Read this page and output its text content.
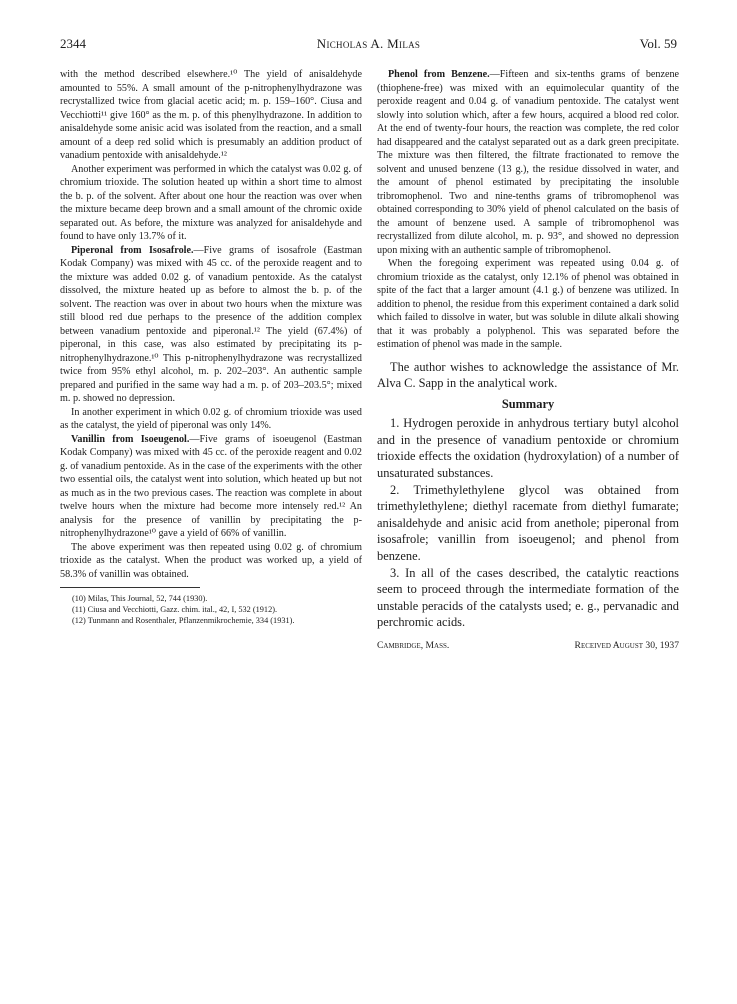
2344	Nicholas A. Milas	Vol. 59

with the method described elsewhere.¹⁰ The yield of anisaldehyde amounted to 55%. A small amount of the p-nitrophenylhydrazone was recrystallized twice from glacial acetic acid; m. p. 159–160°. Ciusa and Vecchiotti¹¹ give 160° as the m. p. of this phenylhydrazone. In addition to anisaldehyde some anisic acid was isolated from the reaction, and a small amount of a deep red solid which is presumably an addition product of vanadium pentoxide with anisaldehyde.¹²

Another experiment was performed in which the catalyst was 0.02 g. of chromium trioxide. The solution heated up within a short time to almost the b. p. of the solvent. After about one hour the reaction was over when the mixture became deep brown and a small amount of the chromic oxide separated out. As before, the mixture was analyzed for anisaldehyde and found to have only 13.7% of it.

Piperonal from Isosafrole.—Five grams of isosafrole (Eastman Kodak Company) was mixed with 45 cc. of the peroxide reagent and to the mixture was added 0.02 g. of vanadium pentoxide. As the catalyst dissolved, the mixture heated up as before to almost the b. p. of the solvent. The reaction was over in about two hours when the mixture was still blood red due perhaps to the presence of the addition complex between vanadium pentoxide and piperonal.¹² The yield (67.4%) of piperonal, in this case, was also estimated by precipitating its p-nitrophenylhydrazone.¹⁰ This p-nitrophenylhydrazone was recrystallized twice from 95% ethyl alcohol, m. p. 202–203°. An authentic sample prepared and purified in the same way had a m. p. of 203–203.5°; mixed m. p. showed no depression.

In another experiment in which 0.02 g. of chromium trioxide was used as the catalyst, the yield of piperonal was only 14%.

Vanillin from Isoeugenol.—Five grams of isoeugenol (Eastman Kodak Company) was mixed with 45 cc. of the peroxide reagent and 0.02 g. of vanadium pentoxide. As in the case of the experiments with the other two essential oils, the catalyst went into solution, which heated up but not as much as in the two previous cases. The reaction was complete in about twelve hours when the mixture had become more intensely red.¹² An analysis for the presence of vanillin by precipitating the p-nitrophenylhydrazone¹⁰ gave a yield of 66% of vanillin.

The above experiment was then repeated using 0.02 g. of chromium trioxide as the catalyst. When the product was worked up, a yield of 58.3% of vanillin was obtained.

(10) Milas, This Journal, 52, 744 (1930).

(11) Ciusa and Vecchiotti, Gazz. chim. ital., 42, I, 532 (1912).

(12) Tunmann and Rosenthaler, Pflanzenmikrochemie, 334 (1931).

Phenol from Benzene.—Fifteen and six-tenths grams of benzene (thiophene-free) was mixed with an equimolecular quantity of the peroxide reagent and 0.04 g. of vanadium pentoxide. The catalyst went slowly into solution which, after a few hours, acquired a blood red color. At the end of twenty-four hours, the reaction was complete, the red color had disappeared and the catalyst separated out as a dark green precipitate. The mixture was then filtered, the filtrate fractionated to remove the solvent and unused benzene (13 g.), the residue dissolved in water, and the amount of phenol estimated by precipitating the insoluble tribromophenol. Two and nine-tenths grams of tribromophenol was obtained corresponding to 30% yield of phenol calculated on the basis of the amount of benzene used. A sample of tribromophenol was recrystallized from dilute alcohol, m. p. 93°, and showed no depression upon mixing with an authentic sample of tribromophenol.

When the foregoing experiment was repeated using 0.04 g. of chromium trioxide as the catalyst, only 12.1% of phenol was obtained in spite of the fact that a larger amount (4.1 g.) of benzene was utilized. In addition to phenol, the residue from this experiment contained a dark solid which failed to dissolve in water, but was soluble in dilute alkali showing that it was probably a polyphenol. This was separated before the estimation of phenol was made in the sample.

The author wishes to acknowledge the assistance of Mr. Alva C. Sapp in the analytical work.

Summary

1. Hydrogen peroxide in anhydrous tertiary butyl alcohol and in the presence of vanadium pentoxide or chromium trioxide effects the oxidation (hydroxylation) of a number of unsaturated substances.

2. Trimethylethylene glycol was obtained from trimethylethylene; diethyl racemate from diethyl fumarate; anisaldehyde and anisic acid from anethole; piperonal from isosafrole; vanillin from isoeugenol; and phenol from benzene.

3. In all of the cases described, the catalytic reactions seem to proceed through the intermediate formation of the unstable peracids of the catalysts used; e. g., pervanadic and perchromic acids.

Cambridge, Mass.	Received August 30, 1937
